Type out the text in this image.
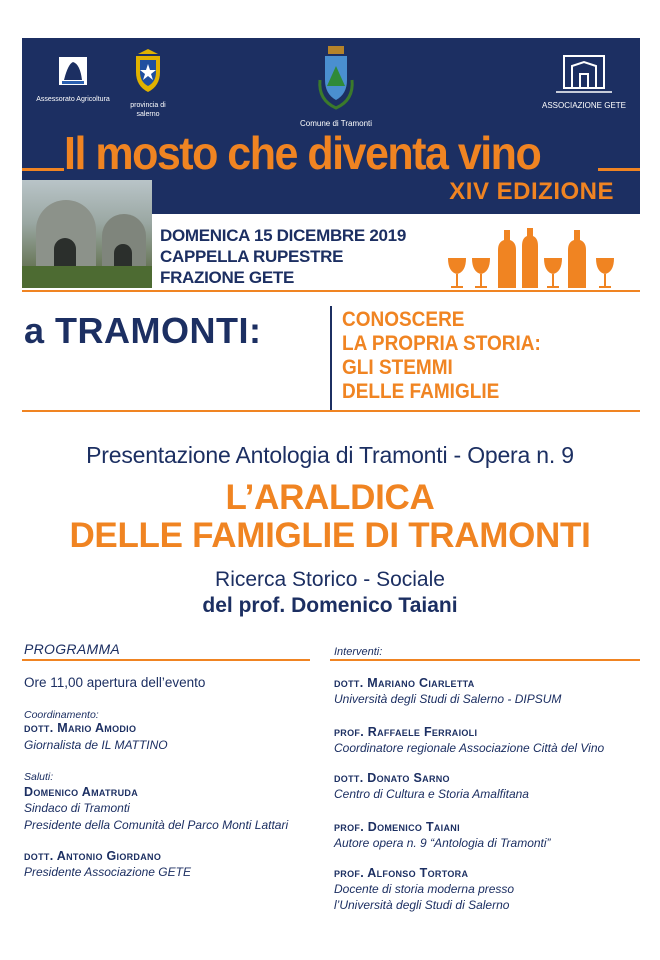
Assessorato Agricoltura
provincia di salerno
Comune di Tramonti
ASSOCIAZIONE GETE
Il mosto che diventa vino
XIV EDIZIONE
DOMENICA 15 DICEMBRE 2019
CAPPELLA RUPESTRE
FRAZIONE GETE
a TRAMONTI:	CONOSCERE
LA PROPRIA STORIA:
GLI STEMMI
DELLE FAMIGLIE
Presentazione Antologia di Tramonti - Opera n. 9
L’ARALDICA
DELLE FAMIGLIE DI TRAMONTI
Ricerca Storico - Sociale
del prof. Domenico Taiani
PROGRAMMA	Interventi:
Ore 11,00 apertura dell’evento
Coordinamento:
dott. Mario Amodio
Giornalista de IL MATTINO
Saluti:
Domenico Amatruda
Sindaco di Tramonti
Presidente della Comunità del Parco Monti Lattari
dott. Antonio Giordano
Presidente Associazione GETE
dott. Mariano Ciarletta
Università degli Studi di Salerno - DIPSUM
prof. Raffaele Ferraioli
Coordinatore regionale Associazione Città del Vino
dott. Donato Sarno
Centro di Cultura e Storia Amalfitana
prof. Domenico Taiani
Autore opera n. 9 “Antologia di Tramonti”
prof. Alfonso Tortora
Docente di storia moderna presso
l’Università degli Studi di Salerno
